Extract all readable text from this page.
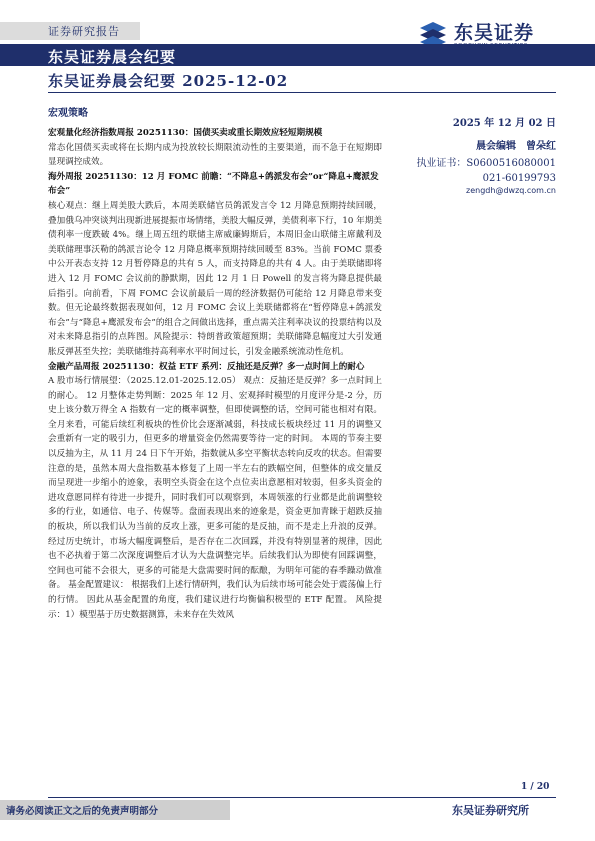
证券研究报告	东吴证券
东吴证券晨会纪要
东吴证券晨会纪要 2025-12-02
宏观策略
2025 年 12 月 02 日
晨会编辑 曾朵红
执业证书：S0600516080001
021-60199793
zengdh@dwzq.com.cn
宏观量化经济指数周报 20251130：国债买卖或重长期效应轻短期规模
常态化国债买卖或将在长期内成为投放较长期限流动性的主要渠道，而不急于在短期即显现调控成效。
海外周报 20251130：12 月 FOMC 前瞻：“不降息+鸽派发布会”or“降息+鹰派发布会”
核心观点：继上周美股大跌后，本周美联储官员鸽派发言令 12 月降息预期持续回暖，叠加俄乌冲突谈判出现新进展提振市场情绪，美股大幅反弹，美债利率下行，10 年期美债利率一度跌破 4%。继上周五纽约联储主席威廉姆斯后，本周旧金山联储主席戴利及美联储理事沃勒的鸽派言论令 12 月降息概率预期持续回暖至 83%。当前 FOMC 票委中公开表态支持 12 月暂停降息的共有 5 人，而支持降息的共有 4 人。由于美联储即将进入 12 月 FOMC 会议前的静默期，因此 12 月 1 日 Powell 的发言将为降息提供最后指引。向前看，下周 FOMC 会议前最后一周的经济数据仍可能给 12 月降息带来变数。但无论最终数据表现如何，12 月 FOMC 会议上美联储都将在“暂停降息+鸽派发布会”与“降息+鹰派发布会”的组合之间做出选择，重点需关注利率决议的投票结构以及对未来降息指引的点阵图。风险提示：特朗普政策超预期；美联储降息幅度过大引发通胀反弹甚至失控；美联储维持高利率水平时间过长，引发金融系统流动性危机。
金融产品周报 20251130：权益 ETF 系列：反抽还是反弹？多一点时间上的耐心
A 股市场行情展望：（2025.12.01-2025.12.05） 观点：反抽还是反弹？多一点时间上的耐心。 12 月整体走势判断：2025 年 12 月、宏观择时模型的月度评分是-2 分，历史上该分数万得全 A 指数有一定的概率调整，但即使调整的话，空间可能也相对有限。全月来看，可能后续红利板块的性价比会逐渐减弱，科技成长板块经过 11 月的调整又会重新有一定的吸引力，但更多的增量资金仍然需要等待一定的时间。 本周的节奏主要以反抽为主，从 11 月 24 日下午开始，指数就从多空平衡状态转向反攻的状态。但需要注意的是，虽然本周大盘指数基本修复了上周一半左右的跌幅空间，但整体的成交量反而呈现进一步缩小的迹象，表明空头资金在这个点位卖出意愿相对较弱，但多头资金的进攻意愿同样有待进一步提升，同时我们可以观察到，本周领涨的行业都是此前调整较多的行业，如通信、电子、传媒等。盘面表现出来的迹象是，资金更加青睐于超跌反抽的板块，所以我们认为当前的反攻上涨，更多可能的是反抽，而不是走上升浪的反弹。 经过历史统计，市场大幅度调整后，是否存在二次回踩，并没有特别显著的规律，因此也不必执着于第二次深度调整后才认为大盘调整完毕。后续我们认为即使有回踩调整，空间也可能不会很大，更多的可能是大盘需要时间的酝酿，为明年可能的春季躁动做准备。 基金配置建议： 根据我们上述行情研判，我们认为后续市场可能会处于震荡偏上行的行情。 因此从基金配置的角度，我们建议进行均衡偏积极型的 ETF 配置。 风险提示：1）模型基于历史数据测算，未来存在失效风
1 / 20
请务必阅读正文之后的免责声明部分	东吴证券研究所
